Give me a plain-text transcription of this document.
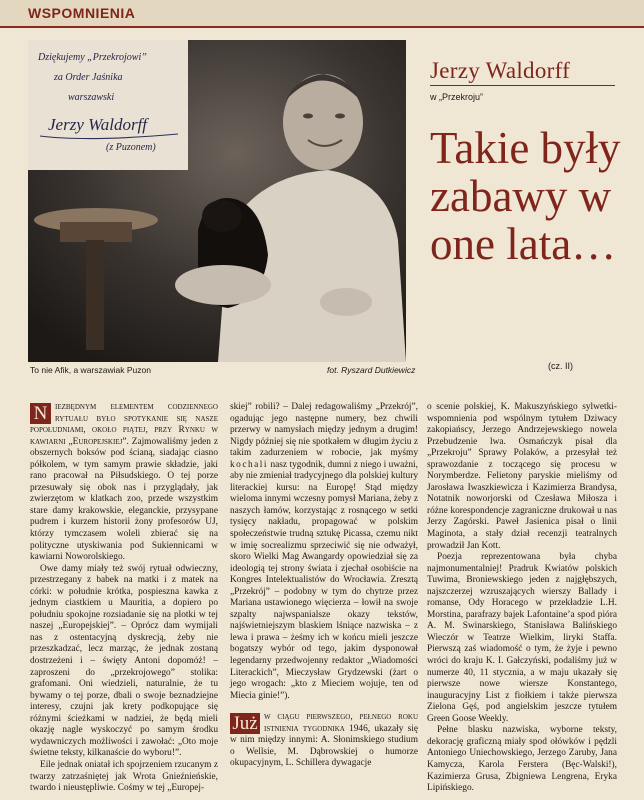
WSPOMNIENIA
Dziękujemy „Przekrojowi”
za Order Jaśnika
warszawski
Jerzy Waldorff
(z Puzonem)
To nie Afik, a warszawiak Puzon	fot. Ryszard Dutkiewicz
Jerzy Waldorff
w „Przekroju”
Takie były zabawy w one lata…
(cz. II)

N iezbędnym elementem codziennego rytuału było spotykanie się nasze popołudniami, około piątej, przy Rynku w kawiarni „Europejskiej”. Zajmowaliśmy jeden z obszernych boksów pod ścianą, siadając ciasno półkolem, w tym samym prawie składzie, jaki rano pracował na Piłsudskiego. O tej porze przesuwały się obok nas i przyglądały, jak zwierzętom w klatkach zoo, przede wszystkim stare damy krakowskie, eleganckie, przysypane pudrem i kurzem historii żony profesorów UJ, którzy tymczasem woleli zbierać się na polityczne utyskiwania pod Sukiennicami w kawiarni Noworolskiego.

Owe damy miały też swój rytuał odwieczny, przestrzegany z babek na matki i z matek na córki: w południe krótka, pospieszna kawka z jednym ciastkiem u Mauritia, a dopiero po południu spokojne rozsiadanie się na plotki w tej naszej „Europejskiej”. – Oprócz dam wymijali nas z ostentacyjną dyskrecją, żeby nie przeszkadzać, lecz marząc, że jednak zostaną dostrzeżeni i – święty Antoni dopomóż! – zaproszeni do „przekrojowego” stolika: grafomani. Oni wiedzieli, naturalnie, że tu bywamy o tej porze, dbali o swoje beznadziejne interesy, czujni jak krety podkopujące się różnymi ścieżkami w nadziei, że będą mieli okazję nagle wyskoczyć po samym środku wydawniczych możliwości i zawołać: „Oto moje świetne teksty, kilkanaście do wyboru!”.

Eile jednak oniatał ich spojrzeniem rzucanym z twarzy zatrzaśniętej jak Wrota Gnieźnieńskie, twardo i nieustępliwie. Cośmy w tej „Europej-

skiej” robili? – Dalej redagowaliśmy „Przekrój”, ogadując jego następne numery, bez chwili przerwy w namysłach między jednym a drugim! Nigdy później się nie spotkałem w długim życiu z takim zadurzeniem w robocie, jak myśmy kochali nasz tygodnik, dumni z niego i uważni, aby nie zmieniał tradycyjnego dla polskiej kultury literackiej kursu: na Europę! Stąd między wieloma innymi wczesny pomysł Mariana, żeby z naszych łamów, korzystając z rosnącego w setki tysięcy nakładu, propagować w polskim społeczeństwie trudną sztukę Picassa, czemu nikt w imię socrealizmu sprzeciwić się nie odważył, skoro Wielki Mag Awangardy opowiedział się za ideologią tej strony świata i zjechał osobiście na Kongres Intelektualistów do Wrocławia. Zresztą „Przekrój” – podobny w tym do chytrze przez Mariana ustawionego więcierza – łowił na swoje szpalty najwspanialsze okazy tekstów, najświetniejszym blaskiem lśniące nazwiska – z lewa i prawa – żeśmy ich w końcu mieli jeszcze bogatszy wybór od tego, jakim dysponował legendarny przedwojenny redaktor „Wiadomości Literackich”, Mieczysław Grydzewski (żart o jego wrogach: „kto z Mieciem wojuje, ten od Miecia ginie!”).

Już w ciągu pierwszego, pełnego roku istnienia tygodnika 1946, ukazały się w nim między innymi: A. Słonimskiego studium o Wellsie, M. Dąbrowskiej o humorze okupacyjnym, L. Schillera dywagacje

o scenie polskiej, K. Makuszyńskiego sylwetki-wspomnienia pod wspólnym tytułem Dziwacy zakopiańscy, Jerzego Andrzejewskiego nowela Przebudzenie lwa. Osmańczyk pisał dla „Przekroju” Sprawy Polaków, a przesyłał też sprawozdanie z toczącego się procesu w Norymberdze. Felietony paryskie mieliśmy od Jarosława Iwaszkiewicza i Kazimierza Brandysa, Notatnik noworjorski od Czesława Miłosza i różne korespondencje zagraniczne drukował u nas Jerzy Zagórski. Paweł Jasienica pisał o linii Maginota, a stały dział recenzji teatralnych prowadził Jan Kott.

Poezja reprezentowana była chyba najmonumentalniej! Pradruk Kwiatów polskich Tuwima, Broniewskiego jeden z najgłębszych, najszczerzej wzruszających wierszy Ballady i romanse, Ody Horacego w przekładzie L.H. Morstina, parafrazy bajek Lafontaine’a spod pióra A. M. Swinarskiego, Stanisława Balińskiego Wieczór w Teatrze Wielkim, liryki Staffa. Pierwszą zaś wiadomość o tym, że żyje i pewno wróci do kraju K. I. Gałczyński, podaliśmy już w numerze 40, 11 stycznia, a w maju ukazały się pierwsze nowe wiersze Konstantego, inauguracyjny List z fiołkiem i także pierwsza Zielona Gęś, pod angielskim jeszcze tytułem Green Goose Weekly.

Pełne blasku nazwiska, wyborne teksty, dekorację graficzną miały spod ołówków i pędzli Antoniego Uniechowskiego, Jerzego Zaruby, Jana Kamycza, Karola Ferstera (Bęc-Walski!), Kazimierza Grusa, Zbigniewa Lengrena, Eryka Lipińskiego.
